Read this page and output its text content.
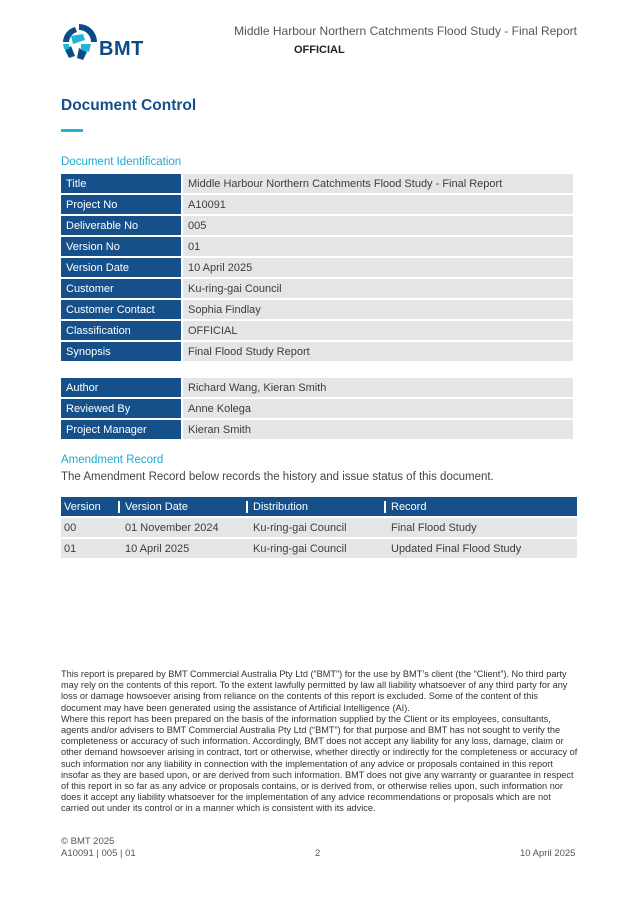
BMT
Middle Harbour Northern Catchments Flood Study - Final Report
OFFICIAL
Document Control
Document Identification
Title	Middle Harbour Northern Catchments Flood Study - Final Report
Project No	A10091
Deliverable No	005
Version No	01
Version Date	10 April 2025
Customer	Ku-ring-gai Council
Customer Contact	Sophia Findlay
Classification	OFFICIAL
Synopsis	Final Flood Study Report
Author	Richard Wang, Kieran Smith
Reviewed By	Anne Kolega
Project Manager	Kieran Smith
Amendment Record
The Amendment Record below records the history and issue status of this document.
Version	Version Date	Distribution	Record
00	01 November 2024	Ku-ring-gai Council	Final Flood Study
01	10 April 2025	Ku-ring-gai Council	Updated Final Flood Study

This report is prepared by BMT Commercial Australia Pty Ltd (“BMT”) for the use by BMT’s client (the “Client”). No third party may rely on the contents of this report. To the extent lawfully permitted by law all liability whatsoever of any third party for any loss or damage howsoever arising from reliance on the contents of this report is excluded. Some of the content of this document may have been generated using the assistance of Artificial Intelligence (AI).

Where this report has been prepared on the basis of the information supplied by the Client or its employees, consultants, agents and/or advisers to BMT Commercial Australia Pty Ltd (“BMT”) for that purpose and BMT has not sought to verify the completeness or accuracy of such information. Accordingly, BMT does not accept any liability for any loss, damage, claim or other demand howsoever arising in contract, tort or otherwise, whether directly or indirectly for the completeness or accuracy of such information nor any liability in connection with the implementation of any advice or proposals contained in this report insofar as they are based upon, or are derived from such information. BMT does not give any warranty or guarantee in respect of this report in so far as any advice or proposals contains, or is derived from, or otherwise relies upon, such information nor does it accept any liability whatsoever for the implementation of any advice recommendations or proposals which are not carried out under its control or in a manner which is consistent with its advice.

© BMT 2025
A10091 | 005 | 01	2	10 April 2025
